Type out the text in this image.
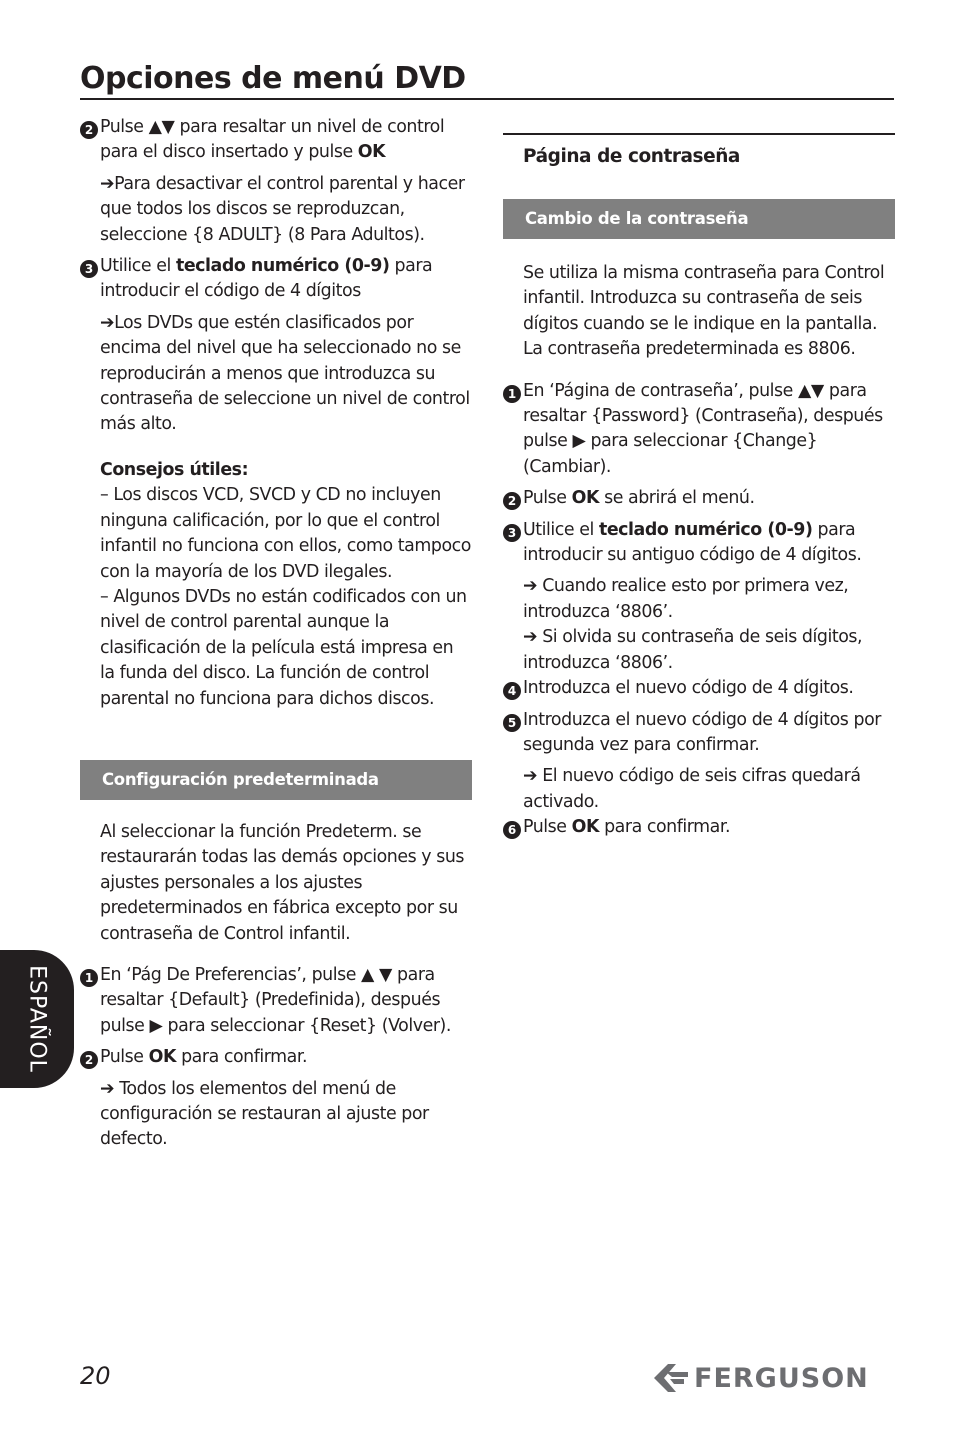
Opciones de menú DVD
2 Pulse ▲▼ para resaltar un nivel de control para el disco insertado y pulse OK
➔Para desactivar el control parental y hacer que todos los discos se reproduzcan, seleccione {8 ADULT} (8 Para Adultos).
3 Utilice el teclado numérico (0-9) para introducir el código de 4 dígitos
➔Los DVDs que estén clasificados por encima del nivel que ha seleccionado no se reproducirán a menos que introduzca su contraseña de seleccione un nivel de control más alto.
Consejos útiles:
– Los discos VCD, SVCD y CD no incluyen ninguna calificación, por lo que el control infantil no funciona con ellos, como tampoco con la mayoría de los DVD ilegales.
– Algunos DVDs no están codificados con un nivel de control parental aunque la clasificación de la película está impresa en la funda del disco. La función de control parental no funciona para dichos discos.
Configuración predeterminada
Al seleccionar la función Predeterm. se restaurarán todas las demás opciones y sus ajustes personales a los ajustes predeterminados en fábrica excepto por su contraseña de Control infantil.
1 En ‘Pág De Preferencias’, pulse ▲ ▼ para resaltar {Default} (Predefinida), después pulse ▶ para seleccionar {Reset} (Volver).
2 Pulse OK para confirmar.
➔ Todos los elementos del menú de configuración se restauran al ajuste por defecto.
Página de contraseña
Cambio de la contraseña
Se utiliza la misma contraseña para Control infantil. Introduzca su contraseña de seis dígitos cuando se le indique en la pantalla. La contraseña predeterminada es 8806.
1 En ‘Página de contraseña’, pulse ▲▼ para resaltar {Password} (Contraseña), después pulse ▶ para seleccionar {Change} (Cambiar).
2 Pulse OK se abrirá el menú.
3 Utilice el teclado numérico (0-9) para introducir su antiguo código de 4 dígitos.
➔ Cuando realice esto por primera vez, introduzca ‘8806’.
➔ Si olvida su contraseña de seis dígitos, introduzca ‘8806’.
4 Introduzca el nuevo código de 4 dígitos.
5 Introduzca el nuevo código de 4 dígitos por segunda vez para confirmar.
➔ El nuevo código de seis cifras quedará activado.
6 Pulse OK para confirmar.
ESPAÑOL
20	FERGUSON
